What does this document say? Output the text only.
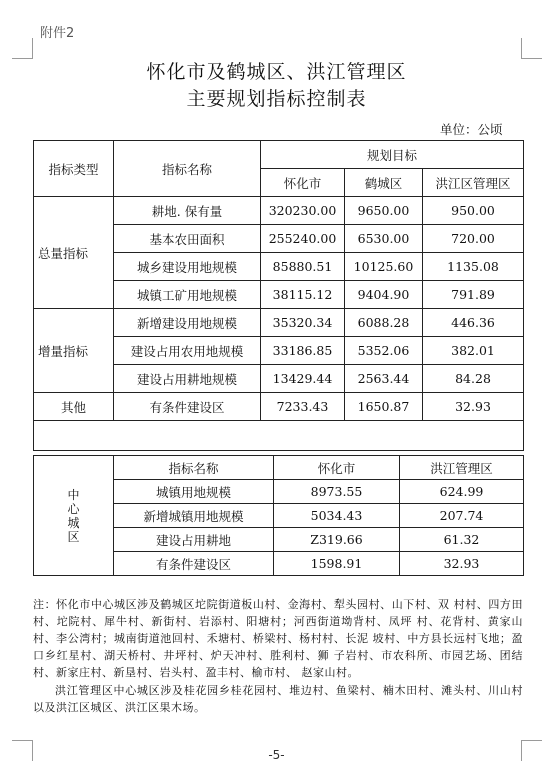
附件2
怀化市及鹤城区、洪江管理区
主要规划指标控制表
单位：公顷
指标类型	指标名称	规划目标		
		怀化市	鹤城区	洪江区管理区
总量指标	耕地. 保有量	320230.00	9650.00	950.00
	基本农田面积	255240.00	6530.00	720.00
	城乡建设用地规模	85880.51	10125.60	1135.08
	城镇工矿用地规模	38115.12	9404.90	791.89
增量指标	新增建设用地规模	35320.34	6088.28	446.36
	建设占用农用地规模	33186.85	5352.06	382.01
	建设占用耕地规模	13429.44	2563.44	84.28
其他	有条件建设区	7233.43	1650.87	32.93

中
心
城
区	指标名称	怀化市	洪江管理区
	城镇用地规模	8973.55	624.99
	新增城镇用地规模	5034.43	207.74
	建设占用耕地	Z319.66	61.32
	有条件建设区	1598.91	32.93
注：怀化市中心城区涉及鹤城区坨院街道板山村、金海村、犁头园村、山下村、双 村村、四方田村、坨院村、犀牛村、新街村、岩添村、阳塘村；河西街道坳背村、凤坪 村、花背村、黄家山村、李公湾村；城南街道池回村、禾塘村、桥梁村、杨村村、长泥 坡村、中方县长远村飞地；盈口乡红星村、湖天桥村、井坪村、炉天冲村、胜利村、狮 子岩村、市农科所、市园艺场、团结村、新家庄村、新垦村、岩头村、盈丰村、榆市村、 赵家山村。
洪江管理区中心城区涉及桂花园乡桂花园村、堆边村、鱼梁村、楠木田村、滩头村、川山村以及洪江区城区、洪江区果木场。
-5-
